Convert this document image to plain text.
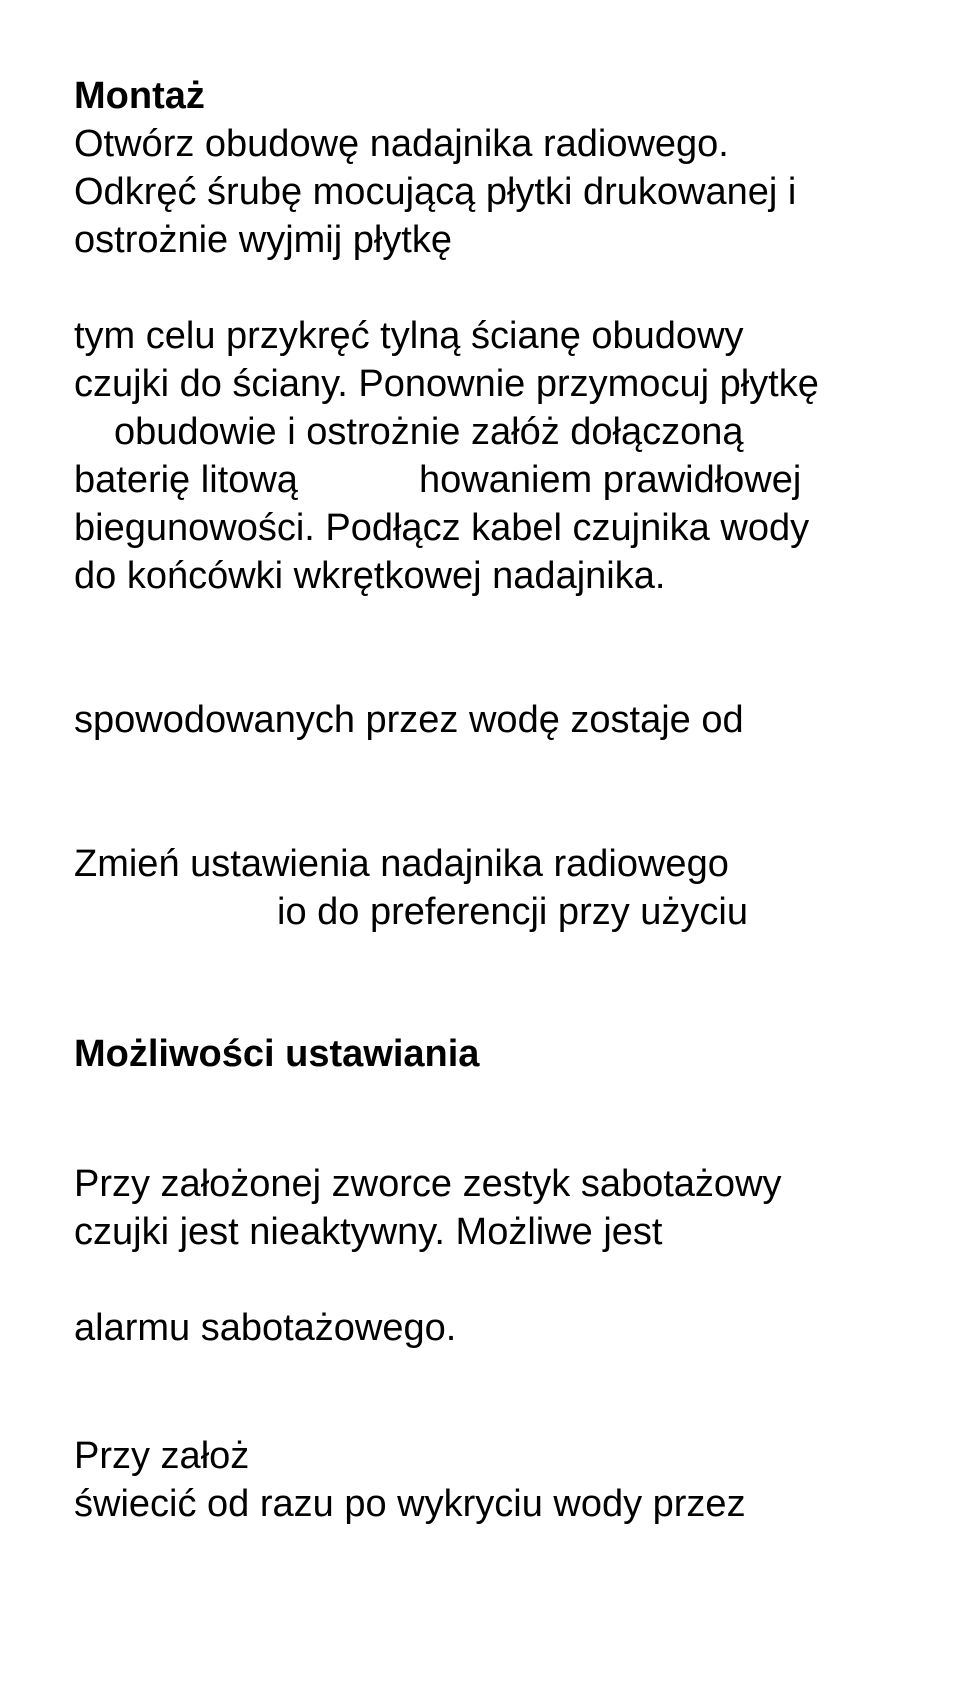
Montaż

Otwórz obudowę nadajnika radiowego.

Odkręć śrubę mocującą płytki drukowanej i

ostrożnie wyjmij płytkę

tym celu przykręć tylną ścianę obudowy

czujki do ściany. Ponownie przymocuj płytkę

obudowie i ostrożnie załóż dołączoną

baterię litową	howaniem prawidłowej

biegunowości. Podłącz kabel czujnika wody

do końcówki wkrętkowej nadajnika.

spowodowanych przez wodę zostaje od

Zmień ustawienia nadajnika radiowego

io do preferencji przy użyciu

Możliwości ustawiania

Przy założonej zworce zestyk sabotażowy

czujki jest nieaktywny. Możliwe jest

alarmu sabotażowego.

Przy założ

świecić od razu po wykryciu wody przez
